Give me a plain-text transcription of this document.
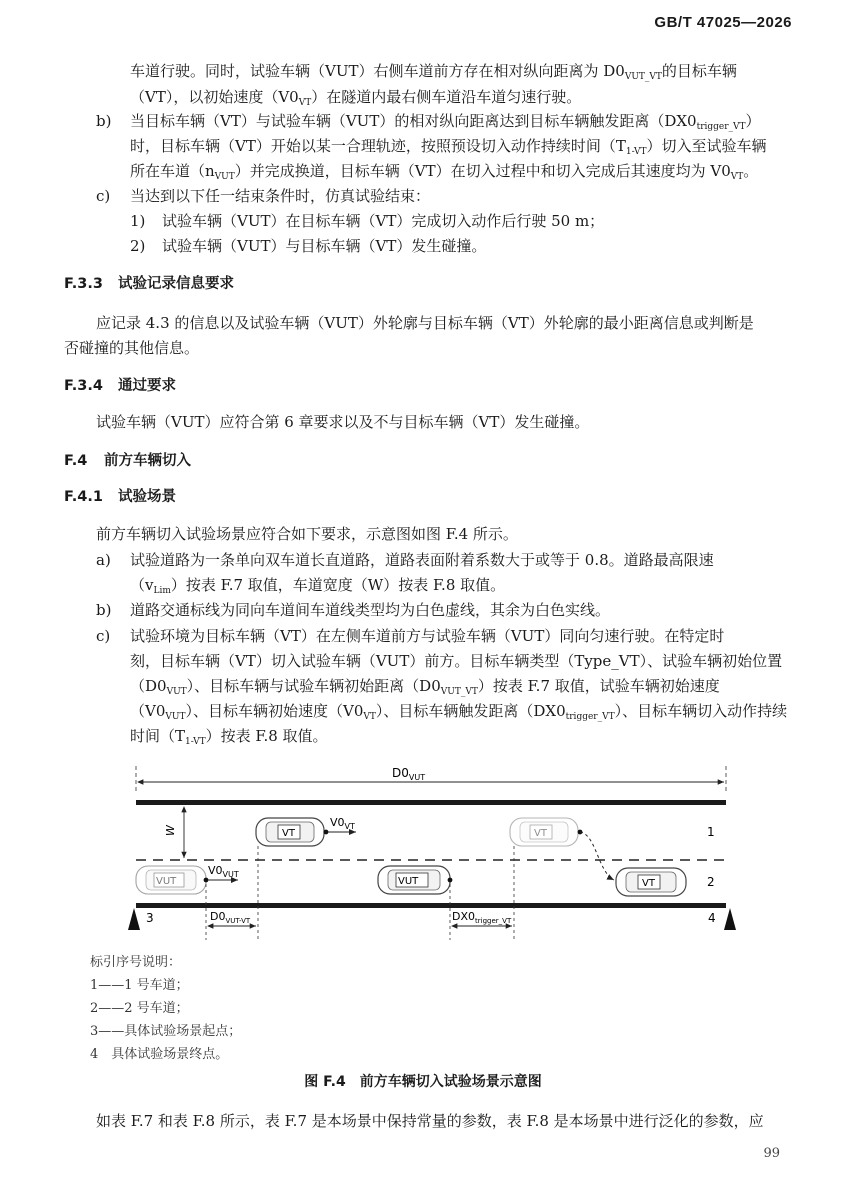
GB/T 47025—2026
车道行驶。同时，试验车辆（VUT）右侧车道前方存在相对纵向距离为 $D0_{VUT\_VT}$的目标车辆
（VT），以初始速度$(V0_{VT})$在隧道内最右侧车道沿车道匀速行驶。
b) 当目标车辆（VT）与试验车辆（VUT）的相对纵向距离达到目标车辆触发距离$(DX0_{trigger\_VT})$
时，目标车辆（VT）开始以某一合理轨迹，按照预设切入动作持续时间$(T_{1-VT})$切入至试验车辆
所在车道$(n_{VUT})$并完成换道，目标车辆（VT）在切入过程中和切入完成后其速度均为 $V0_{VT}$。
c) 当达到以下任一结束条件时，仿真试验结束：
1) 试验车辆（VUT）在目标车辆（VT）完成切入动作后行驶 50 m；
2) 试验车辆（VUT）与目标车辆（VT）发生碰撞。
F.3.3 试验记录信息要求
应记录 4.3 的信息以及试验车辆（VUT）外轮廓与目标车辆（VT）外轮廓的最小距离信息或判断是
否碰撞的其他信息。
F.3.4 通过要求
试验车辆（VUT）应符合第 6 章要求以及不与目标车辆（VT）发生碰撞。
F.4 前方车辆切入
F.4.1 试验场景
前方车辆切入试验场景应符合如下要求，示意图如图 F.4 所示。
a) 试验道路为一条单向双车道长直道路，道路表面附着系数大于或等于 0.8。道路最高限速
$(v_{Lim})$按表 F.7 取值，车道宽度（W）按表 F.8 取值。
b) 道路交通标线为同向车道间车道线类型均为白色虚线，其余为白色实线。
c) 试验环境为目标车辆（VT）在左侧车道前方与试验车辆（VUT）同向匀速行驶。在特定时
刻，目标车辆（VT）切入试验车辆（VUT）前方。目标车辆类型（Type_VT）、试验车辆初始位置
$(D0_{VUT})$、目标车辆与试验车辆初始距离$(D0_{VUT\_VT})$按表 F.7 取值，试验车辆初始速度
$(V0_{VUT})$、目标车辆初始速度$(V0_{VT})$、目标车辆触发距离$(DX0_{trigger\_VT})$、目标车辆切入动作持续
时间$(T_{1-VT})$按表 F.8 取值。
$D0_{VUT}$
W
3	4
1
2
VT
$V0_{VT}$
VT
VT
VUT
$V0_{VUT}$
VUT
$D0_{VUT-VT}$	$DX0_{trigger\_VT}$
标引序号说明：
1——1 号车道；
2——2 号车道；
3——具体试验场景起点；
4　具体试验场景终点。
图 F.4　前方车辆切入试验场景示意图
如表 F.7 和表 F.8 所示，表 F.7 是本场景中保持常量的参数，表 F.8 是本场景中进行泛化的参数，应
99
